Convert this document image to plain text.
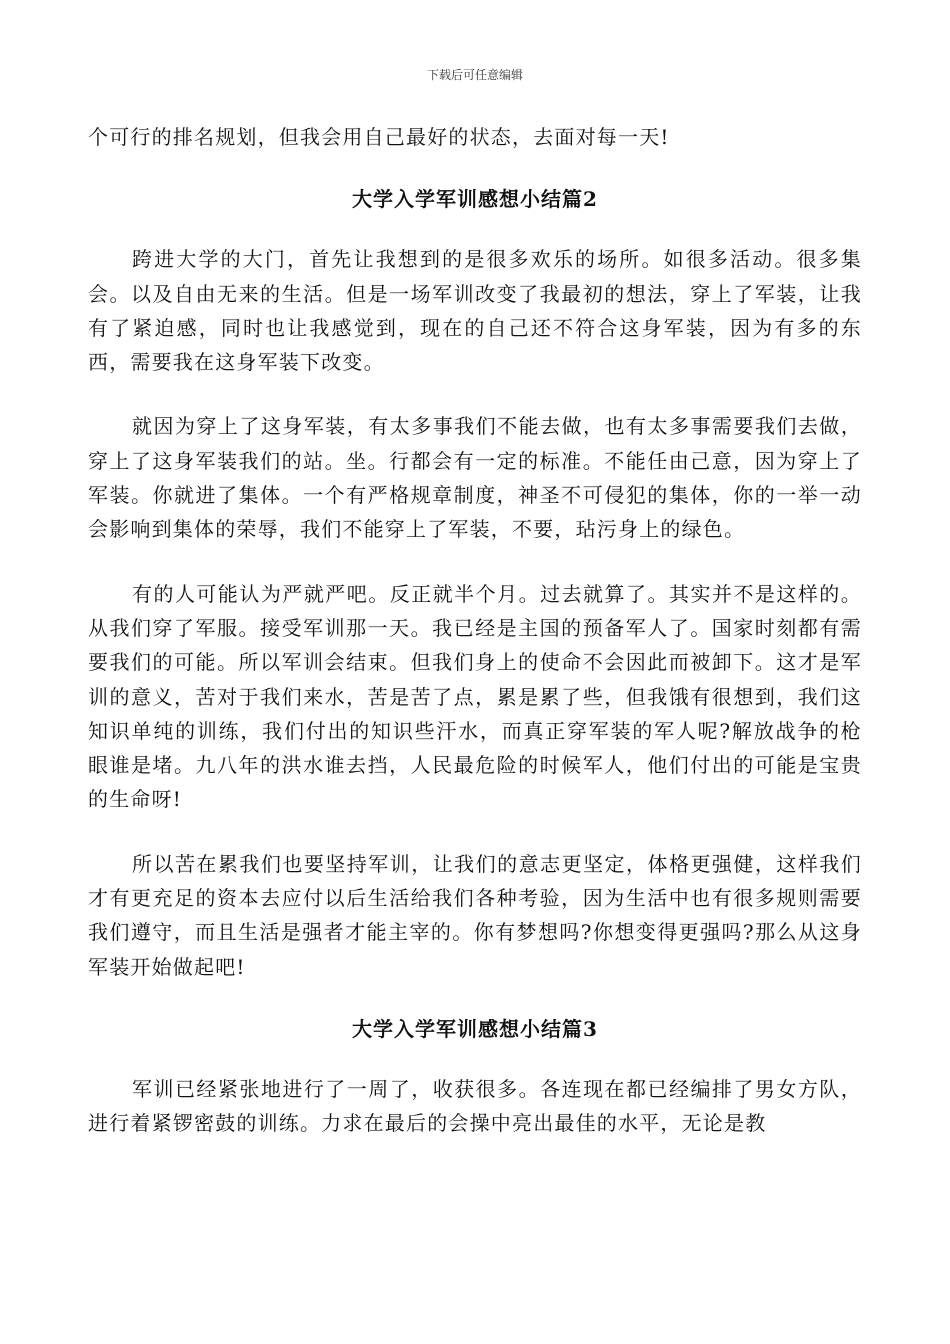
下载后可任意编辑

个可行的排名规划，但我会用自己最好的状态，去面对每一天!

大学入学军训感想小结篇2

跨进大学的大门，首先让我想到的是很多欢乐的场所。如很多活动。很多集会。以及自由无来的生活。但是一场军训改变了我最初的想法，穿上了军装，让我有了紧迫感，同时也让我感觉到，现在的自己还不符合这身军装，因为有多的东西，需要我在这身军装下改变。

就因为穿上了这身军装，有太多事我们不能去做，也有太多事需要我们去做，穿上了这身军装我们的站。坐。行都会有一定的标准。不能任由己意，因为穿上了军装。你就进了集体。一个有严格规章制度，神圣不可侵犯的集体，你的一举一动会影响到集体的荣辱，我们不能穿上了军装，不要，玷污身上的绿色。

有的人可能认为严就严吧。反正就半个月。过去就算了。其实并不是这样的。从我们穿了军服。接受军训那一天。我已经是主国的预备军人了。国家时刻都有需要我们的可能。所以军训会结束。但我们身上的使命不会因此而被卸下。这才是军训的意义，苦对于我们来水，苦是苦了点，累是累了些，但我饿有很想到，我们这知识单纯的训练，我们付出的知识些汗水，而真正穿军装的军人呢?解放战争的枪眼谁是堵。九八年的洪水谁去挡，人民最危险的时候军人，他们付出的可能是宝贵的生命呀!

所以苦在累我们也要坚持军训，让我们的意志更坚定，体格更强健，这样我们才有更充足的资本去应付以后生活给我们各种考验，因为生活中也有很多规则需要我们遵守，而且生活是强者才能主宰的。你有梦想吗?你想变得更强吗?那么从这身军装开始做起吧!

大学入学军训感想小结篇3

军训已经紧张地进行了一周了，收获很多。各连现在都已经编排了男女方队，进行着紧锣密鼓的训练。力求在最后的会操中亮出最佳的水平，无论是教
